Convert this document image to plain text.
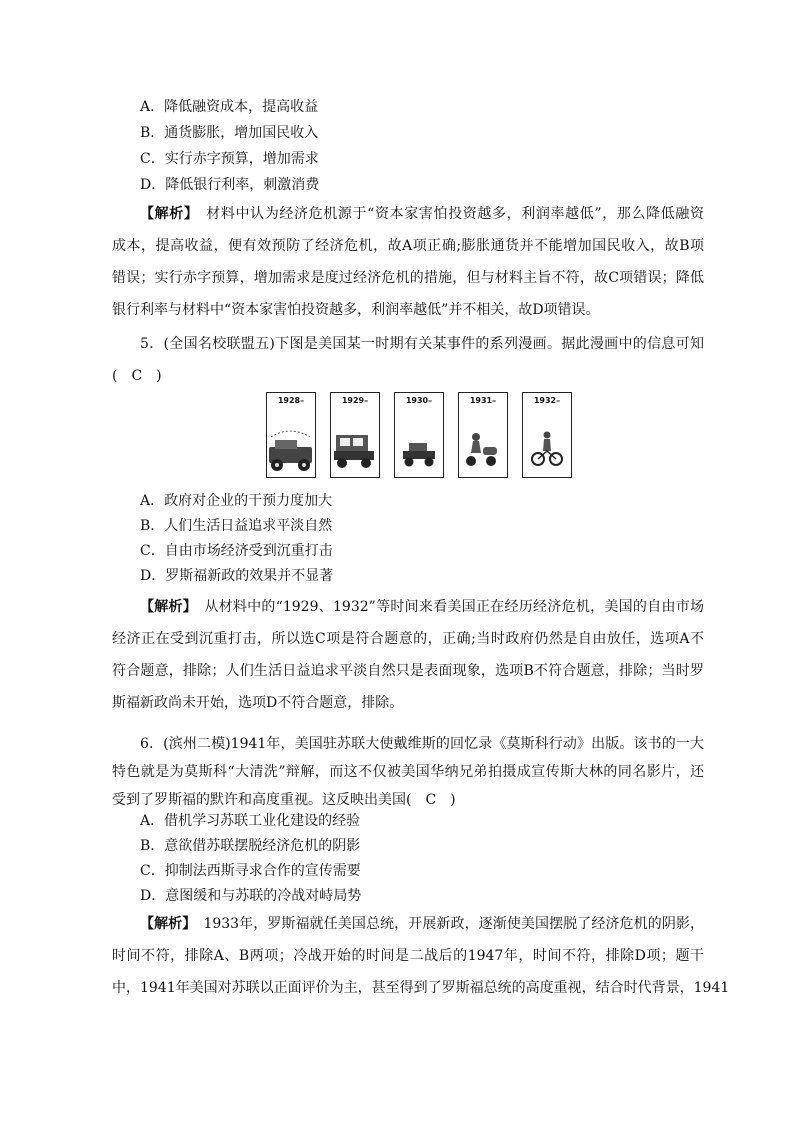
A．降低融资成本，提高收益
B．通货膨胀，增加国民收入
C．实行赤字预算，增加需求
D．降低银行利率，刺激消费
【解析】　 材料中认为经济危机源于“资本家害怕投资越多，利润率越低”，那么降低融资
成本，提高收益，便有效预防了经济危机，故A项正确;膨胀通货并不能增加国民收入，故B项
错误；实行赤字预算，增加需求是度过经济危机的措施，但与材料主旨不符，故C项错误；降低
银行利率与材料中“资本家害怕投资越多，利润率越低”并不相关，故D项错误。
5．(全国名校联盟五)下图是美国某一时期有关某事件的系列漫画。据此漫画中的信息可知
(　C　)
1928–	1929–	1930–	1931–	1932–
A．政府对企业的干预力度加大
B．人们生活日益追求平淡自然
C．自由市场经济受到沉重打击
D．罗斯福新政的效果并不显著
【解析】　 从材料中的“1929、1932”等时间来看美国正在经历经济危机，美国的自由市场
经济正在受到沉重打击，所以选C项是符合题意的，正确;当时政府仍然是自由放任，选项A不
符合题意，排除；人们生活日益追求平淡自然只是表面现象，选项B不符合题意，排除；当时罗
斯福新政尚未开始，选项D不符合题意，排除。
6．(滨州二模)1941年，美国驻苏联大使戴维斯的回忆录《莫斯科行动》出版。该书的一大
特色就是为莫斯科“大清洗”辩解，而这不仅被美国华纳兄弟拍摄成宣传斯大林的同名影片，还
受到了罗斯福的默许和高度重视。这反映出美国(　C　)
A．借机学习苏联工业化建设的经验
B．意欲借苏联摆脱经济危机的阴影
C．抑制法西斯寻求合作的宣传需要
D．意图缓和与苏联的冷战对峙局势
【解析】　 1933年，罗斯福就任美国总统，开展新政，逐渐使美国摆脱了经济危机的阴影，
时间不符，排除A、B两项；冷战开始的时间是二战后的1947年，时间不符，排除D项；题干
中，1941年美国对苏联以正面评价为主，甚至得到了罗斯福总统的高度重视，结合时代背景，1941
